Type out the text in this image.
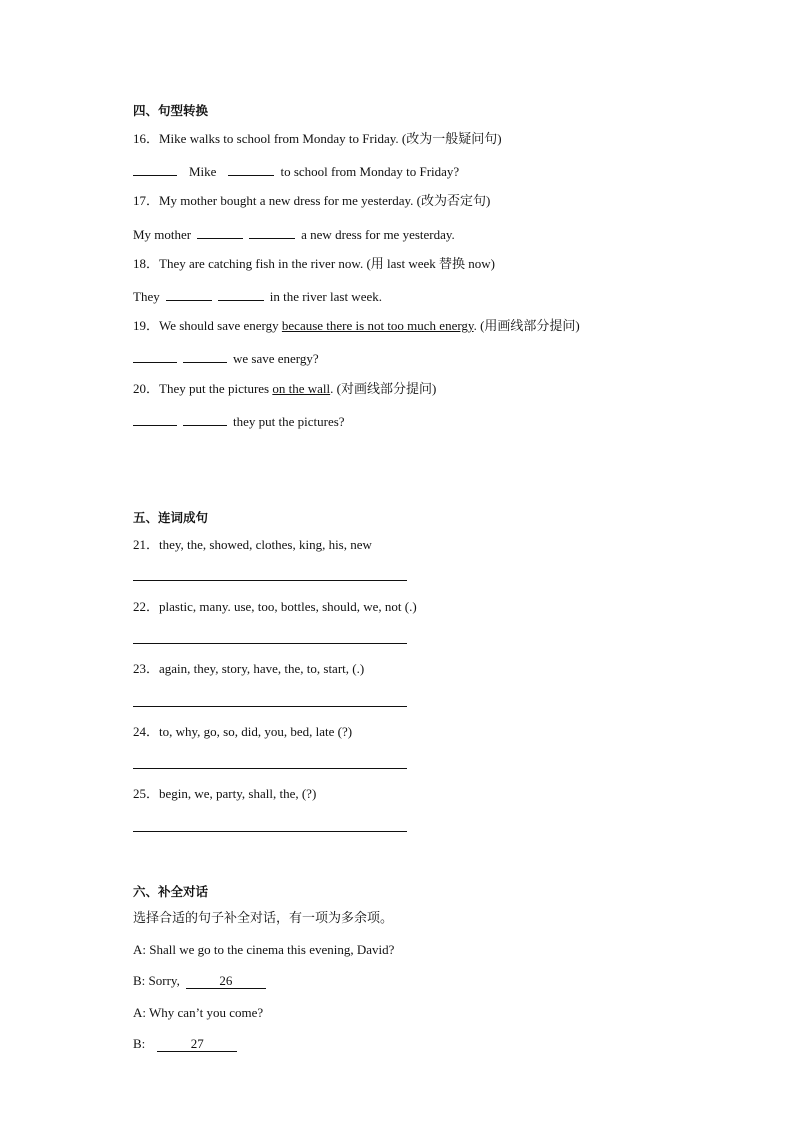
四、句型转换
16．Mike walks to school from Monday to Friday. (改为一般疑问句)
Mike	to school from Monday to Friday?
17．My mother bought a new dress for me yesterday. (改为否定句)
My mother	a new dress for me yesterday.
18．They are catching fish in the river now. (用 last week 替换 now)
They	in the river last week.
19．We should save energy because there is not too much energy. (用画线部分提问)
we save energy?
20．They put the pictures on the wall. (对画线部分提问)
they put the pictures?
五、连词成句
21．they, the, showed, clothes, king, his, new
22．plastic, many. use, too, bottles, should, we, not (.)
23．again, they, story, have, the, to, start, (.)
24．to, why, go, so, did, you, bed, late (?)
25．begin, we, party, shall, the, (?)
六、补全对话
选择合适的句子补全对话，有一项为多余项。
A: Shall we go to the cinema this evening, David?
B: Sorry,	26
A: Why can’t you come?
B:	27
